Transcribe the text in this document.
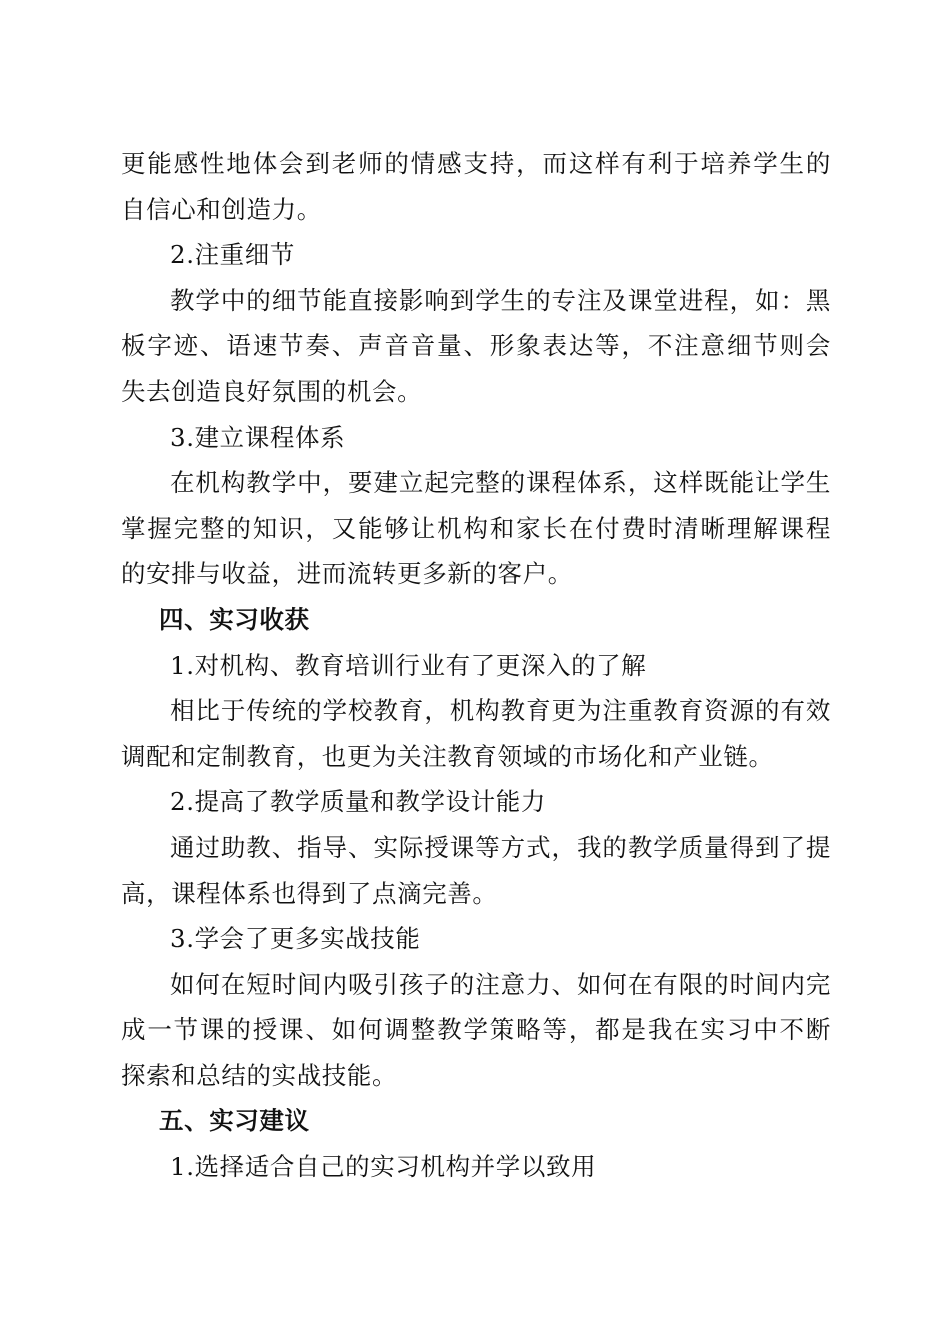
更能感性地体会到老师的情感支持，而这样有利于培养学生的
自信心和创造力。
2.注重细节
教学中的细节能直接影响到学生的专注及课堂进程，如：黑
板字迹、语速节奏、声音音量、形象表达等，不注意细节则会
失去创造良好氛围的机会。
3.建立课程体系
在机构教学中，要建立起完整的课程体系，这样既能让学生
掌握完整的知识，又能够让机构和家长在付费时清晰理解课程
的安排与收益，进而流转更多新的客户。
四、实习收获
1.对机构、教育培训行业有了更深入的了解
相比于传统的学校教育，机构教育更为注重教育资源的有效
调配和定制教育，也更为关注教育领域的市场化和产业链。
2.提高了教学质量和教学设计能力
通过助教、指导、实际授课等方式，我的教学质量得到了提
高，课程体系也得到了点滴完善。
3.学会了更多实战技能
如何在短时间内吸引孩子的注意力、如何在有限的时间内完
成一节课的授课、如何调整教学策略等，都是我在实习中不断
探索和总结的实战技能。
五、实习建议
1.选择适合自己的实习机构并学以致用
